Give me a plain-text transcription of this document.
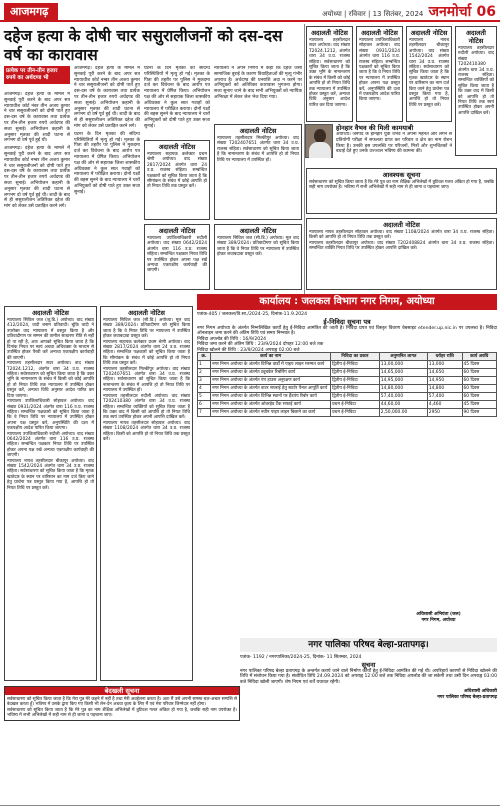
आजमगढ़	अयोध्या | रविवार | 13 सितंबर, 2024 जनमोर्चा 06
दहेज हत्या के दोषी चार ससुरालीजनों को दस-दस वर्ष का कारावास
प्रत्येक पर तीन-तीन हजार रुपये का अर्थदण्ड भी

आजमगढ़। दहेज हत्या के मामले में सुनवाई पूरी करने के बाद अपर सत्र न्यायाधीश कोर्ट नंबर तीन अजय कुमार ने चार ससुरालीजनों को दोषी पाते हुए दस-दस वर्ष के कारावास तथा प्रत्येक पर तीन-तीन हजार रुपये अर्थदण्ड की सजा सुनाई। अभियोजन कहानी के अनुसार मृतका की शादी घटना से लगभग दो वर्ष पूर्व हुई थी।

आजमगढ़। दहेज हत्या के मामले में सुनवाई पूरी करने के बाद अपर सत्र न्यायाधीश कोर्ट नम्बर तीन अजय कुमार ने चार ससुरालीजनों को दोषी पाते हुए दस-दस वर्ष के कारावास तथा प्रत्येक पर तीन-तीन हजार रुपये अर्थदण्ड की सजा सुनाई। अभियोजन कहानी के अनुसार मृतका की शादी घटना से लगभग दो वर्ष पूर्व हुई थी। शादी के बाद से ही ससुरालीजन अतिरिक्त दहेज की मांग को लेकर उसे प्रताड़ित करने लगे।

आजमगढ़। दहेज हत्या के मामले में सुनवाई पूरी करने के बाद अपर सत्र न्यायाधीश कोर्ट नम्बर तीन अजय कुमार ने चार ससुरालीजनों को दोषी पाते हुए दस-दस वर्ष के कारावास तथा प्रत्येक पर तीन-तीन हजार रुपये अर्थदण्ड की सजा सुनाई। अभियोजन कहानी के अनुसार मृतका की शादी घटना से लगभग दो वर्ष पूर्व हुई थी। शादी के बाद से ही ससुरालीजन अतिरिक्त दहेज की मांग को लेकर उसे प्रताड़ित करने लगे।

घटना के दिन मृतका की संदिग्ध परिस्थितियों में मृत्यु हो गई। मृतका के पिता की तहरीर पर पुलिस ने मुकदमा दर्ज कर विवेचना के बाद आरोप पत्र न्यायालय में प्रेषित किया। अभियोजन पक्ष की ओर से सहायक जिला शासकीय अधिवक्ता ने कुल सात गवाहों को न्यायालय में परीक्षित कराया। दोनों पक्षों की बहस सुनने के बाद न्यायालय ने चारों अभियुक्तों को दोषी पाते हुए उक्त सजा सुनाई।

घटना के दिन मृतका की संदिग्ध परिस्थितियों में मृत्यु हो गई। मृतका के पिता की तहरीर पर पुलिस ने मुकदमा दर्ज कर विवेचना के बाद आरोप पत्र न्यायालय में प्रेषित किया। अभियोजन पक्ष की ओर से सहायक जिला शासकीय अधिवक्ता ने कुल सात गवाहों को न्यायालय में परीक्षित कराया। दोनों पक्षों की बहस सुनने के बाद न्यायालय ने चारों अभियुक्तों को दोषी पाते हुए उक्त सजा सुनाई।

न्यायालय ने अपने निर्णय में कहा कि दहेज जैसी सामाजिक बुराई के कारण विवाहिताओं की मृत्यु गंभीर अपराध है। अर्थदण्ड की धनराशि अदा न करने पर अभियुक्तों को अतिरिक्त कारावास भुगतना होगा। सजा सुनाए जाने के बाद सभी अभियुक्तों को न्यायिक अभिरक्षा में लेकर जेल भेज दिया गया।

अदालती नोटिस
न्यायालय सहायक कलेक्टर प्रथम श्रेणी अयोध्या। वाद संख्या 2817/2024 अंतर्गत धारा 24 उ.प्र. राजस्व संहिता। सम्बन्धित पक्षकारों को सूचित किया जाता है कि सीमांकन के संबंध में कोई आपत्ति हो तो नियत तिथि तक प्रस्तुत करें।
अदालती नोटिस
न्यायालय तहसीलदार मिल्कीपुर अयोध्या। वाद संख्या T202407651 अंतर्गत धारा 34 उ.प्र. राजस्व संहिता। सर्वसाधारण को सूचित किया जाता है कि नामान्तरण के संबंध में आपत्ति हो तो नियत तिथि पर न्यायालय में उपस्थित हों।
अदालती नोटिस
न्यायालय उपजिलाधिकारी रुदौली अयोध्या। वाद संख्या 0642/2024 अंतर्गत धारा 116 उ.प्र. राजस्व संहिता। सम्बन्धित पक्षकार नियत तिथि पर उपस्थित होकर अपना पक्ष रखें अन्यथा एकपक्षीय कार्यवाही की जाएगी।
अदालती नोटिस
न्यायालय सिविल जज (सी.डि.) अयोध्या। मूल वाद संख्या 389/2024। प्रतिवादीगण को सूचित किया जाता है कि वे नियत तिथि पर न्यायालय में उपस्थित होकर जवाबदावा प्रस्तुत करें।
अदालती नोटिस
न्यायालय तहसीलदार सदर अयोध्या। वाद संख्या T2024.1212, अंतर्गत धारा 34 उ.प्र. राजस्व संहिता। सर्वसाधारण को सूचित किया जाता है कि उक्त भूमि के नामान्तरण के संबंध में किसी को कोई आपत्ति हो तो नियत तिथि तक न्यायालय में उपस्थित होकर प्रस्तुत करें, अन्यथा विधि अनुसार आदेश पारित कर दिया जाएगा।
अदालती नोटिस
न्यायालय उपजिलाधिकारी सोहावल अयोध्या। वाद संख्या 0931/2024 अंतर्गत धारा 116 उ.प्र. राजस्व संहिता। सम्बन्धित पक्षकारों को सूचित किया जाता है कि वे नियत तिथि पर न्यायालय में उपस्थित होकर अपना पक्ष प्रस्तुत करें, अनुपस्थिति की दशा में एकपक्षीय आदेश पारित किया जाएगा।
अदालती नोटिस
न्यायालय नायब तहसीलदार बीकापुर अयोध्या। वाद संख्या 1542/2024 अंतर्गत धारा 34 उ.प्र. राजस्व संहिता। सर्वसाधारण को सूचित किया जाता है कि मृतक खातेदार के स्थान पर वारिसान का नाम दर्ज किए जाने हेतु प्रार्थना पत्र प्रस्तुत किया गया है, आपत्ति हो तो नियत तिथि पर प्रस्तुत करें।
अदालती नोटिस
न्यायालय तहसीलदार रुदौली अयोध्या। वाद संख्या T202410380 अंतर्गत धारा 34 उ.प्र. राजस्व संहिता। सम्बन्धित व्यक्तियों को सूचित किया जाता है कि उक्त वाद में किसी को आपत्ति हो तो नियत तिथि तक स्वयं उपस्थित होकर अपनी आपत्ति दाखिल करें।
होनहार वैभव की मिली कामयाबी
अयोध्या। जनपद के होनहार युवा वैभव ने अपनी मेहनत और लगन से प्रतियोगी परीक्षा में सफलता प्राप्त कर परिवार व क्षेत्र का नाम रोशन किया है। उनकी इस उपलब्धि पर परिजनों, मित्रों और शुभचिंतकों ने बधाई देते हुए उनके उज्ज्वल भविष्य की कामना की।
आवश्यक सूचना
सर्वसाधारण को सूचित किया जाता है कि मेरे पुत्र का नाम शैक्षिक अभिलेखों में त्रुटिवश गलत अंकित हो गया है, जबकि सही नाम उपरोक्त है। भविष्य में सभी अभिलेखों में सही नाम से ही जाना व पहचाना जाए।
अदालती नोटिस
न्यायालय नायब तहसीलदार सोहावल अयोध्या। वाद संख्या 1108/2024 अंतर्गत धारा 34 उ.प्र. राजस्व संहिता। किसी को आपत्ति हो तो नियत तिथि तक प्रस्तुत करें।
न्यायालय तहसीलदार बीकापुर अयोध्या। वाद संख्या T202408824 अंतर्गत धारा 34 उ.प्र. राजस्व संहिता। सम्बन्धित व्यक्ति नियत तिथि पर उपस्थित होकर आपत्ति दाखिल करें।
अदालती नोटिस
न्यायालय सिविल जज (जू.डि.) अयोध्या। वाद संख्या 412/2024, वादी बनाम प्रतिवादी। चूंकि वादी ने उपरोक्त वाद न्यायालय में प्रस्तुत किया है और प्रतिवादीगण पर सम्मन की तामील साधारण रीति से नहीं हो पा रही है, अतः आपको सूचित किया जाता है कि दिनांक नियत पर स्वयं अथवा अधिवक्ता के माध्यम से उपस्थित होकर पैरवी करें अन्यथा एकपक्षीय कार्यवाही की जाएगी।
न्यायालय तहसीलदार सदर अयोध्या। वाद संख्या T2024.1212, अंतर्गत धारा 34 उ.प्र. राजस्व संहिता। सर्वसाधारण को सूचित किया जाता है कि उक्त भूमि के नामान्तरण के संबंध में किसी को कोई आपत्ति हो तो नियत तिथि तक न्यायालय में उपस्थित होकर प्रस्तुत करें, अन्यथा विधि अनुसार आदेश पारित कर दिया जाएगा।
न्यायालय उपजिलाधिकारी सोहावल अयोध्या। वाद संख्या 0931/2024 अंतर्गत धारा 116 उ.प्र. राजस्व संहिता। सम्बन्धित पक्षकारों को सूचित किया जाता है कि वे नियत तिथि पर न्यायालय में उपस्थित होकर अपना पक्ष प्रस्तुत करें, अनुपस्थिति की दशा में एकपक्षीय आदेश पारित किया जाएगा।
न्यायालय उपजिलाधिकारी रुदौली अयोध्या। वाद संख्या 0642/2024 अंतर्गत धारा 116 उ.प्र. राजस्व संहिता। सम्बन्धित पक्षकार नियत तिथि पर उपस्थित होकर अपना पक्ष रखें अन्यथा एकपक्षीय कार्यवाही की जाएगी।
न्यायालय नायब तहसीलदार बीकापुर अयोध्या। वाद संख्या 1542/2024 अंतर्गत धारा 34 उ.प्र. राजस्व संहिता। सर्वसाधारण को सूचित किया जाता है कि मृतक खातेदार के स्थान पर वारिसान का नाम दर्ज किए जाने हेतु प्रार्थना पत्र प्रस्तुत किया गया है, आपत्ति हो तो नियत तिथि पर प्रस्तुत करें।
अदालती नोटिस
न्यायालय सिविल जज (सी.डि.) अयोध्या। मूल वाद संख्या 389/2024। प्रतिवादीगण को सूचित किया जाता है कि वे नियत तिथि पर न्यायालय में उपस्थित होकर जवाबदावा प्रस्तुत करें।
न्यायालय सहायक कलेक्टर प्रथम श्रेणी अयोध्या। वाद संख्या 2817/2024 अंतर्गत धारा 24 उ.प्र. राजस्व संहिता। सम्बन्धित पक्षकारों को सूचित किया जाता है कि सीमांकन के संबंध में कोई आपत्ति हो तो नियत तिथि तक प्रस्तुत करें।
न्यायालय तहसीलदार मिल्कीपुर अयोध्या। वाद संख्या T202407651 अंतर्गत धारा 34 उ.प्र. राजस्व संहिता। सर्वसाधारण को सूचित किया जाता है कि नामान्तरण के संबंध में आपत्ति हो तो नियत तिथि पर न्यायालय में उपस्थित हों।
न्यायालय तहसीलदार रुदौली अयोध्या। वाद संख्या T202410380 अंतर्गत धारा 34 उ.प्र. राजस्व संहिता। सम्बन्धित व्यक्तियों को सूचित किया जाता है कि उक्त वाद में किसी को आपत्ति हो तो नियत तिथि तक स्वयं उपस्थित होकर अपनी आपत्ति दाखिल करें।
न्यायालय नायब तहसीलदार सोहावल अयोध्या। वाद संख्या 1108/2024 अंतर्गत धारा 34 उ.प्र. राजस्व संहिता। किसी को आपत्ति हो तो नियत तिथि तक प्रस्तुत करें।
कार्यालय : जलकल विभाग नगर निगम, अयोध्या
पत्रांक-405 / जलकल/वि.सा./2024-25, दिनांक-11.9.2024
ई-निविदा सूचना पत्र
नगर निगम अयोध्या के अंतर्गत निम्नलिखित कार्यों हेतु ई-निविदा आमंत्रित की जाती है। निविदा प्रपत्र एवं विस्तृत विवरण वेबसाइट etender.up.nic.in पर उपलब्ध है। निविदा ऑनलाइन जमा करने की अंतिम तिथि एवं समय निम्नवत है।
निविदा अपलोड की तिथि : 16/9/2024
निविदा जमा करने की अंतिम तिथि : 23/9/2024 दोपहर 12:00 बजे तक
निविदा खोलने की तिथि : 23/9/2024 अपराह्न 02:00 बजे
क्र.	कार्य का नाम	निविदा का प्रकार	अनुमानित लागत	धरोहर राशि	कार्य अवधि
1	नगर निगम अयोध्या के अंतर्गत विभिन्न वार्डों में पाइप लाइन मरम्मत कार्य	द्वितीय ई-निविदा	13,00,000	13,000	45 दिवस
2	नगर निगम अयोध्या के अंतर्गत ट्यूबवेल रिबोरिंग कार्य	द्वितीय ई-निविदा	14,65,000	14,650	60 दिवस
3	नगर निगम अयोध्या के अंतर्गत पंप हाउस अनुरक्षण कार्य	द्वितीय ई-निविदा	14,95,000	14,950	60 दिवस
4	नगर निगम अयोध्या के अंतर्गत वाटर सप्लाई हेतु स्टार्टर पैनल आपूर्ति कार्य	द्वितीय ई-निविदा	14,80,000	14,800	60 दिवस
5	नगर निगम अयोध्या के अंतर्गत विभिन्न स्थानों पर हैंडपंप रिबोर कार्य	द्वितीय ई-निविदा	57,40,000	57,400	60 दिवस
6	नगर निगम अयोध्या के अंतर्गत ओवरहेड टैंक सफाई कार्य	प्रथम ई-निविदा	44,60,00	4,460	45 दिवस
7	नगर निगम अयोध्या के अंतर्गत नवीन पाइप लाइन बिछाने का कार्य	प्रथम ई-निविदा	2,50,000.00	2950	90 दिवस
अधिशासी अभियंता (जल)
नगर निगम, अयोध्या
नगर पालिका परिषद बेल्हा-प्रतापगढ़।
पत्रांक- 1192 / नगरपालिका/2024-25, दिनांक- 11 सितम्बर, 2024
सूचना
नगर पालिका परिषद बेल्हा प्रतापगढ़ के अन्तर्गत कराये जाने वाले निर्माण कार्यों हेतु ई-निविदा आमंत्रित की गई थी। अपरिहार्य कारणों से निविदा खोलने की तिथि में संशोधन किया गया है। संशोधित तिथि 24.09.2024 को अपराह्न 12:00 बजे तक निविदा अपलोड की जा सकेगी तथा उसी दिन अपराह्न 03:00 बजे निविदा खोली जाएगी। शेष नियम एवं शर्तें यथावत रहेंगी।
अधिशासी अधिकारी
नगर पालिका परिषद बेल्हा-प्रतापगढ़
बेदखली सूचना
सर्वसाधारण को सूचित किया जाता है कि मेरा पुत्र मेरे कहने में नहीं है तथा मेरी अवहेलना करता है। अतः मैं उसे अपनी समस्त चल-अचल सम्पत्ति से बेदखल करता हूँ। भविष्य में उसके द्वारा किए गए किसी भी लेन-देन अथवा कृत्य के लिए मैं एवं मेरा परिवार जिम्मेदार नहीं होगा।
सर्वसाधारण को सूचित किया जाता है कि मेरे पुत्र का नाम शैक्षिक अभिलेखों में त्रुटिवश गलत अंकित हो गया है, जबकि सही नाम उपरोक्त है। भविष्य में सभी अभिलेखों में सही नाम से ही जाना व पहचाना जाए।
